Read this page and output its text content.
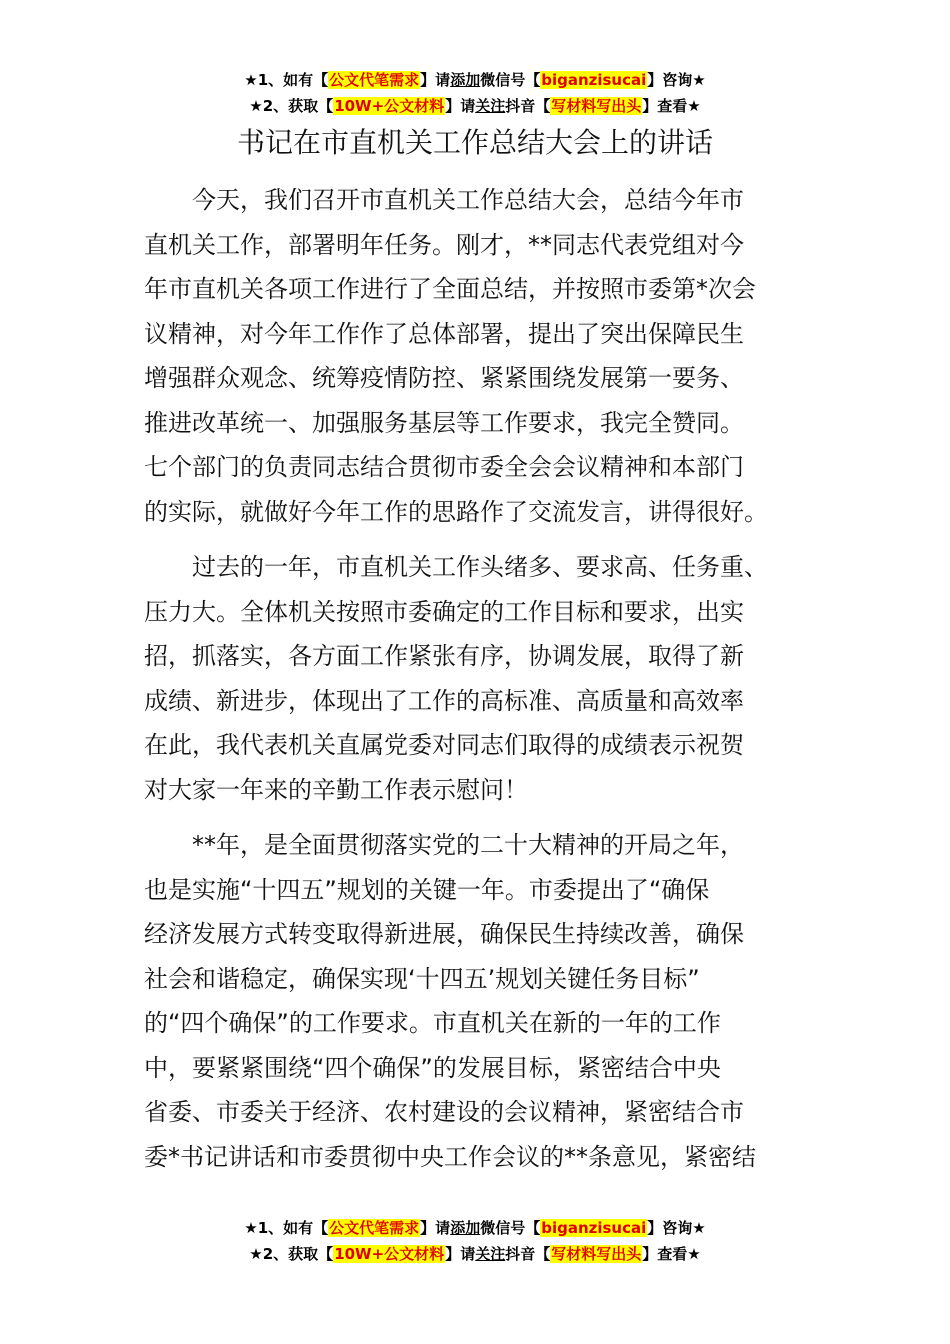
★1、如有【公文代笔需求】请添加微信号【biganzisucai】咨询★
★2、获取【10W+公文材料】请关注抖音【写材料写出头】查看★
书记在市直机关工作总结大会上的讲话

今天，我们召开市直机关工作总结大会，总结今年市
直机关工作，部署明年任务。刚才，**同志代表党组对今
年市直机关各项工作进行了全面总结，并按照市委第*次会
议精神，对今年工作作了总体部署，提出了突出保障民生
增强群众观念、统筹疫情防控、紧紧围绕发展第一要务、
推进改革统一、加强服务基层等工作要求，我完全赞同。
七个部门的负责同志结合贯彻市委全会会议精神和本部门
的实际，就做好今年工作的思路作了交流发言，讲得很好。

过去的一年，市直机关工作头绪多、要求高、任务重、
压力大。全体机关按照市委确定的工作目标和要求，出实
招，抓落实，各方面工作紧张有序，协调发展，取得了新
成绩、新进步，体现出了工作的高标准、高质量和高效率
在此，我代表机关直属党委对同志们取得的成绩表示祝贺
对大家一年来的辛勤工作表示慰问！

**年，是全面贯彻落实党的二十大精神的开局之年，
也是实施“十四五”规划的关键一年。市委提出了“确保
经济发展方式转变取得新进展，确保民生持续改善，确保
社会和谐稳定，确保实现‘十四五’规划关键任务目标”
的“四个确保”的工作要求。市直机关在新的一年的工作
中，要紧紧围绕“四个确保”的发展目标，紧密结合中央
省委、市委关于经济、农村建设的会议精神，紧密结合市
委*书记讲话和市委贯彻中央工作会议的**条意见，紧密结

★1、如有【公文代笔需求】请添加微信号【biganzisucai】咨询★
★2、获取【10W+公文材料】请关注抖音【写材料写出头】查看★
